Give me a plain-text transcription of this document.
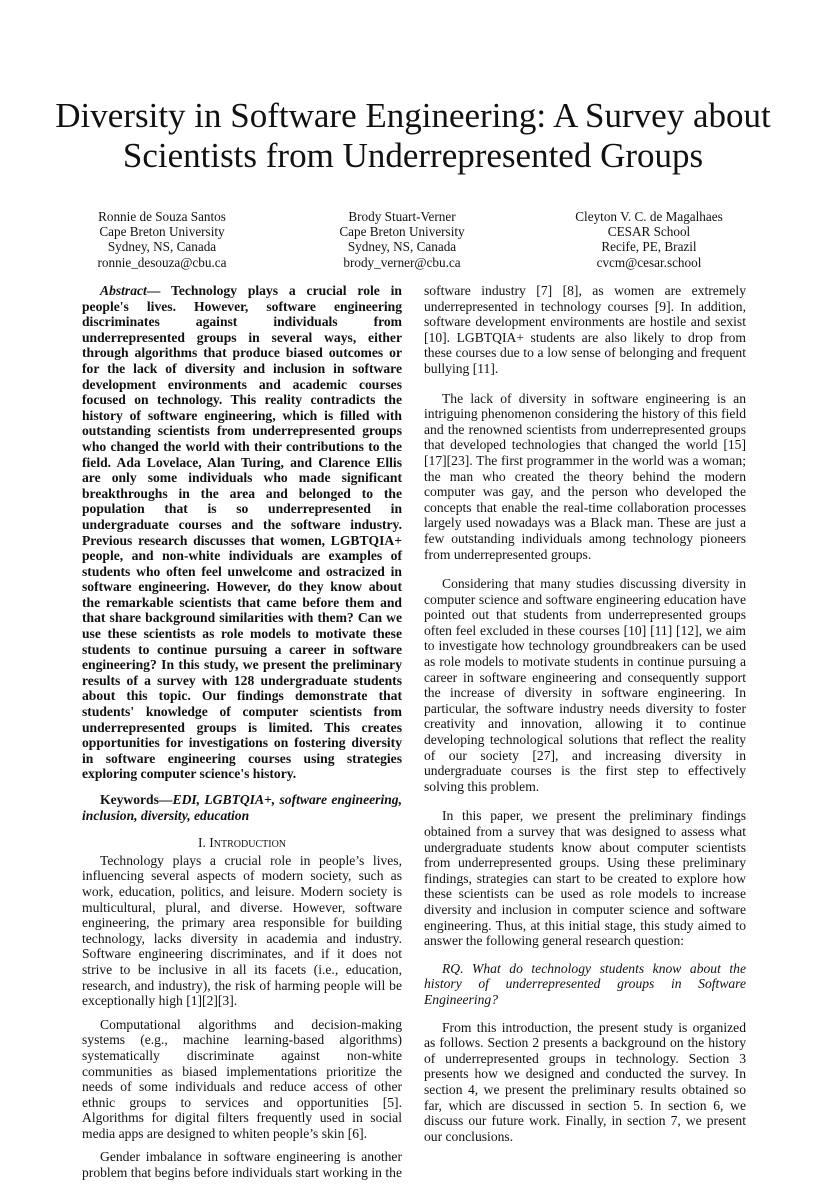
Diversity in Software Engineering: A Survey about Scientists from Underrepresented Groups
Ronnie de Souza Santos
Cape Breton University
Sydney, NS, Canada
ronnie_desouza@cbu.ca
Brody Stuart-Verner
Cape Breton University
Sydney, NS, Canada
brody_verner@cbu.ca
Cleyton V. C. de Magalhaes
CESAR School
Recife, PE, Brazil
cvcm@cesar.school

Abstract— Technology plays a crucial role in people's lives. However, software engineering discriminates against individuals from underrepresented groups in several ways, either through algorithms that produce biased outcomes or for the lack of diversity and inclusion in software development environments and academic courses focused on technology. This reality contradicts the history of software engineering, which is filled with outstanding scientists from underrepresented groups who changed the world with their contributions to the field. Ada Lovelace, Alan Turing, and Clarence Ellis are only some individuals who made significant breakthroughs in the area and belonged to the population that is so underrepresented in undergraduate courses and the software industry. Previous research discusses that women, LGBTQIA+ people, and non-white individuals are examples of students who often feel unwelcome and ostracized in software engineering. However, do they know about the remarkable scientists that came before them and that share background similarities with them? Can we use these scientists as role models to motivate these students to continue pursuing a career in software engineering? In this study, we present the preliminary results of a survey with 128 undergraduate students about this topic. Our findings demonstrate that students' knowledge of computer scientists from underrepresented groups is limited. This creates opportunities for investigations on fostering diversity in software engineering courses using strategies exploring computer science's history.

Keywords—EDI, LGBTQIA+, software engineering, inclusion, diversity, education

I. Introduction

Technology plays a crucial role in people’s lives, influencing several aspects of modern society, such as work, education, politics, and leisure. Modern society is multicultural, plural, and diverse. However, software engineering, the primary area responsible for building technology, lacks diversity in academia and industry. Software engineering discriminates, and if it does not strive to be inclusive in all its facets (i.e., education, research, and industry), the risk of harming people will be exceptionally high [1][2][3].

Computational algorithms and decision-making systems (e.g., machine learning-based algorithms) systematically discriminate against non-white communities as biased implementations prioritize the needs of some individuals and reduce access of other ethnic groups to services and opportunities [5]. Algorithms for digital filters frequently used in social media apps are designed to whiten people’s skin [6].

Gender imbalance in software engineering is another problem that begins before individuals start working in the

software industry [7] [8], as women are extremely underrepresented in technology courses [9]. In addition, software development environments are hostile and sexist [10]. LGBTQIA+ students are also likely to drop from these courses due to a low sense of belonging and frequent bullying [11].

The lack of diversity in software engineering is an intriguing phenomenon considering the history of this field and the renowned scientists from underrepresented groups that developed technologies that changed the world [15][17][23]. The first programmer in the world was a woman; the man who created the theory behind the modern computer was gay, and the person who developed the concepts that enable the real-time collaboration processes largely used nowadays was a Black man. These are just a few outstanding individuals among technology pioneers from underrepresented groups.

Considering that many studies discussing diversity in computer science and software engineering education have pointed out that students from underrepresented groups often feel excluded in these courses [10] [11] [12], we aim to investigate how technology groundbreakers can be used as role models to motivate students in continue pursuing a career in software engineering and consequently support the increase of diversity in software engineering. In particular, the software industry needs diversity to foster creativity and innovation, allowing it to continue developing technological solutions that reflect the reality of our society [27], and increasing diversity in undergraduate courses is the first step to effectively solving this problem.

In this paper, we present the preliminary findings obtained from a survey that was designed to assess what undergraduate students know about computer scientists from underrepresented groups. Using these preliminary findings, strategies can start to be created to explore how these scientists can be used as role models to increase diversity and inclusion in computer science and software engineering. Thus, at this initial stage, this study aimed to answer the following general research question:

RQ. What do technology students know about the history of underrepresented groups in Software Engineering?

From this introduction, the present study is organized as follows. Section 2 presents a background on the history of underrepresented groups in technology. Section 3 presents how we designed and conducted the survey. In section 4, we present the preliminary results obtained so far, which are discussed in section 5. In section 6, we discuss our future work. Finally, in section 7, we present our conclusions.
